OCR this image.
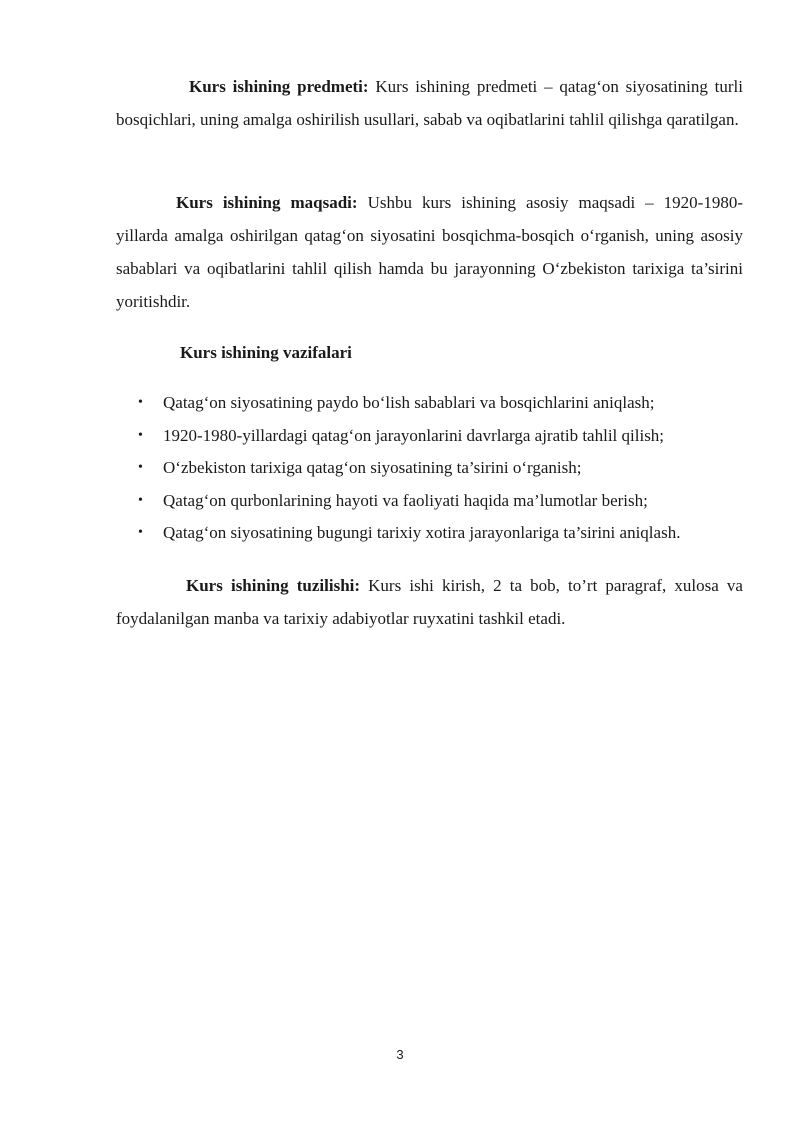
Kurs ishining predmeti: Kurs ishining predmeti – qatag‘on siyosatining turli bosqichlari, uning amalga oshirilish usullari, sabab va oqibatlarini tahlil qilishga qaratilgan.

Kurs ishining maqsadi: Ushbu kurs ishining asosiy maqsadi – 1920-1980-yillarda amalga oshirilgan qatag‘on siyosatini bosqichma-bosqich o‘rganish, uning asosiy sabablari va oqibatlarini tahlil qilish hamda bu jarayonning O‘zbekiston tarixiga ta’sirini yoritishdir.

Kurs ishining vazifalari

• Qatag‘on siyosatining paydo bo‘lish sabablari va bosqichlarini aniqlash;
• 1920-1980-yillardagi qatag‘on jarayonlarini davrlarga ajratib tahlil qilish;
• O‘zbekiston tarixiga qatag‘on siyosatining ta’sirini o‘rganish;
• Qatag‘on qurbonlarining hayoti va faoliyati haqida ma’lumotlar berish;
• Qatag‘on siyosatining bugungi tarixiy xotira jarayonlariga ta’sirini aniqlash.

Kurs ishining tuzilishi: Kurs ishi kirish, 2 ta bob, to’rt paragraf, xulosa va foydalanilgan manba va tarixiy adabiyotlar ruyxatini tashkil etadi.

3
